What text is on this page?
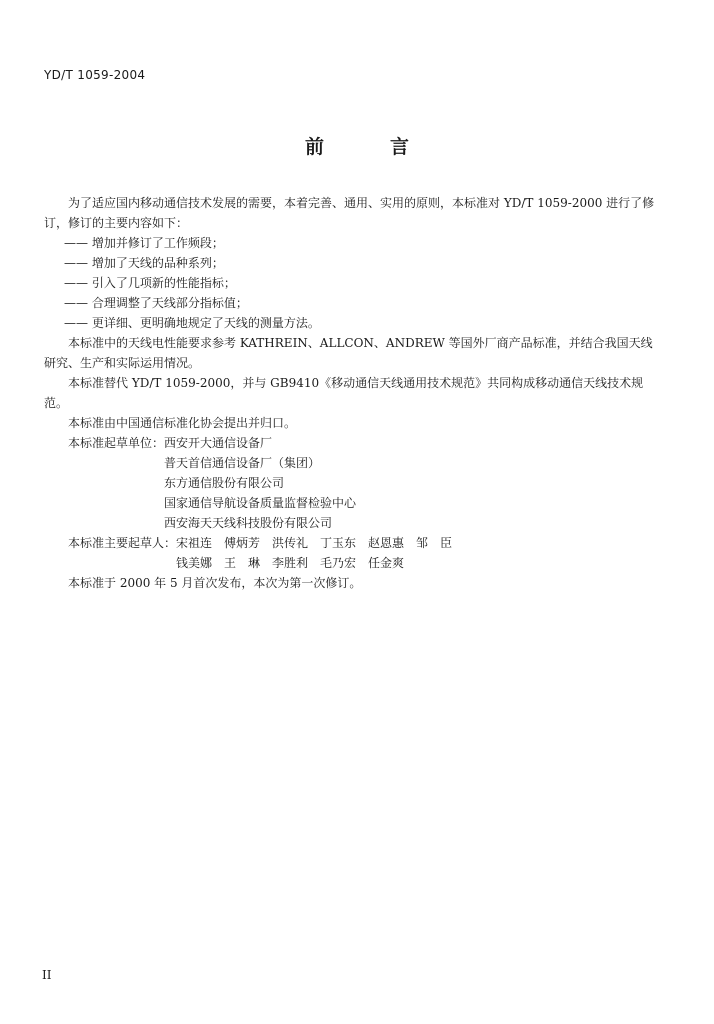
YD/T 1059-2004
前	言
为了适应国内移动通信技术发展的需要，本着完善、通用、实用的原则，本标准对 YD/T 1059-2000 进行了修订，修订的主要内容如下：
—— 增加并修订了工作频段；
—— 增加了天线的品种系列；
—— 引入了几项新的性能指标；
—— 合理调整了天线部分指标值；
—— 更详细、更明确地规定了天线的测量方法。
本标准中的天线电性能要求参考 KATHREIN、ALLCON、ANDREW 等国外厂商产品标准，并结合我国天线研究、生产和实际运用情况。
本标准替代 YD/T 1059-2000，并与 GB9410《移动通信天线通用技术规范》共同构成移动通信天线技术规范。
本标准由中国通信标准化协会提出并归口。
本标准起草单位： 西安开大通信设备厂
普天首信通信设备厂（集团）
东方通信股份有限公司
国家通信导航设备质量监督检验中心
西安海天天线科技股份有限公司
本标准主要起草人： 宋祖连　傅炳芳　洪传礼　丁玉东　赵恩惠　邹　臣
钱美娜　王　琳　李胜利　毛乃宏　任金爽
本标准于 2000 年 5 月首次发布，本次为第一次修订。
II
